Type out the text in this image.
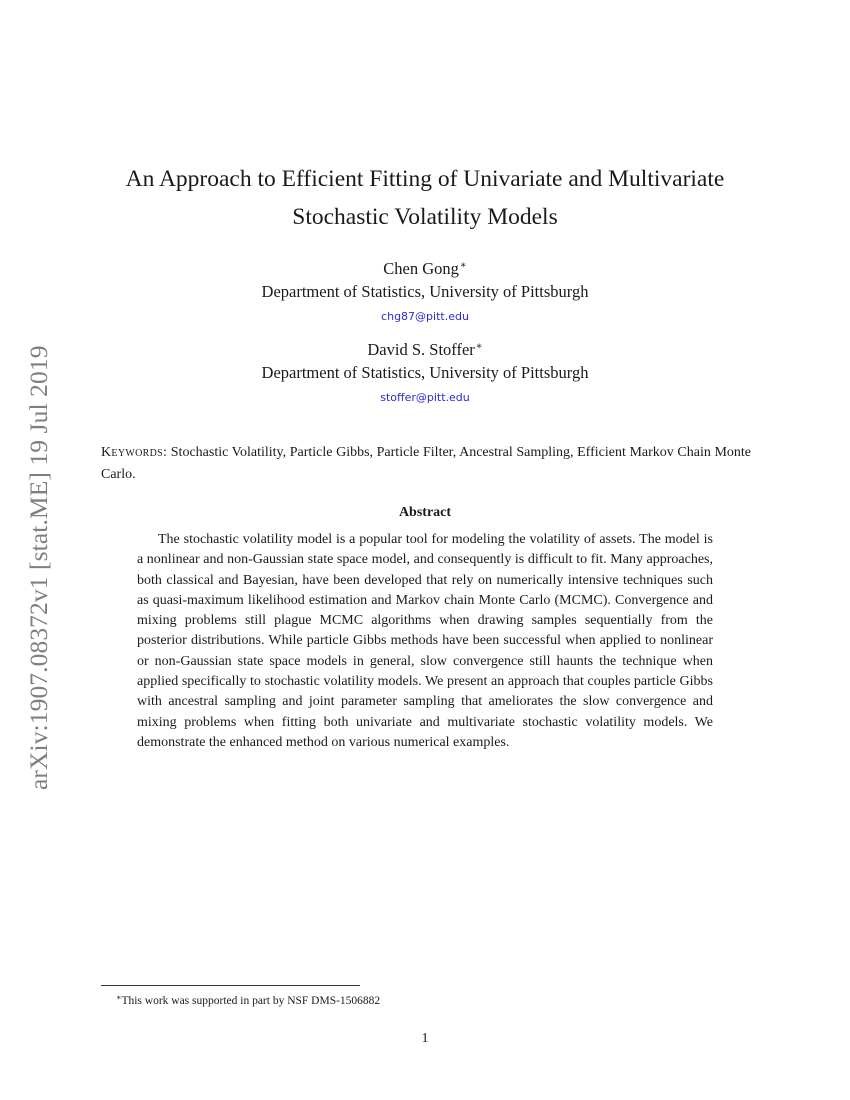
arXiv:1907.08372v1 [stat.ME] 19 Jul 2019
An Approach to Efficient Fitting of Univariate and Multivariate
Stochastic Volatility Models
Chen Gong∗
Department of Statistics, University of Pittsburgh
chg87@pitt.edu
David S. Stoffer∗
Department of Statistics, University of Pittsburgh
stoffer@pitt.edu
Keywords: Stochastic Volatility, Particle Gibbs, Particle Filter, Ancestral Sampling, Efficient Markov Chain Monte Carlo.
Abstract

The stochastic volatility model is a popular tool for modeling the volatility of assets. The model is a nonlinear and non-Gaussian state space model, and consequently is difficult to fit. Many approaches, both classical and Bayesian, have been developed that rely on numerically intensive techniques such as quasi-maximum likelihood estimation and Markov chain Monte Carlo (MCMC). Convergence and mixing problems still plague MCMC algorithms when drawing samples sequentially from the posterior distributions. While particle Gibbs methods have been successful when applied to nonlinear or non-Gaussian state space models in general, slow convergence still haunts the technique when applied specifically to stochastic volatility models. We present an approach that couples particle Gibbs with ancestral sampling and joint parameter sampling that ameliorates the slow convergence and mixing problems when fitting both univariate and multivariate stochastic volatility models. We demonstrate the enhanced method on various numerical examples.

∗This work was supported in part by NSF DMS-1506882
1
